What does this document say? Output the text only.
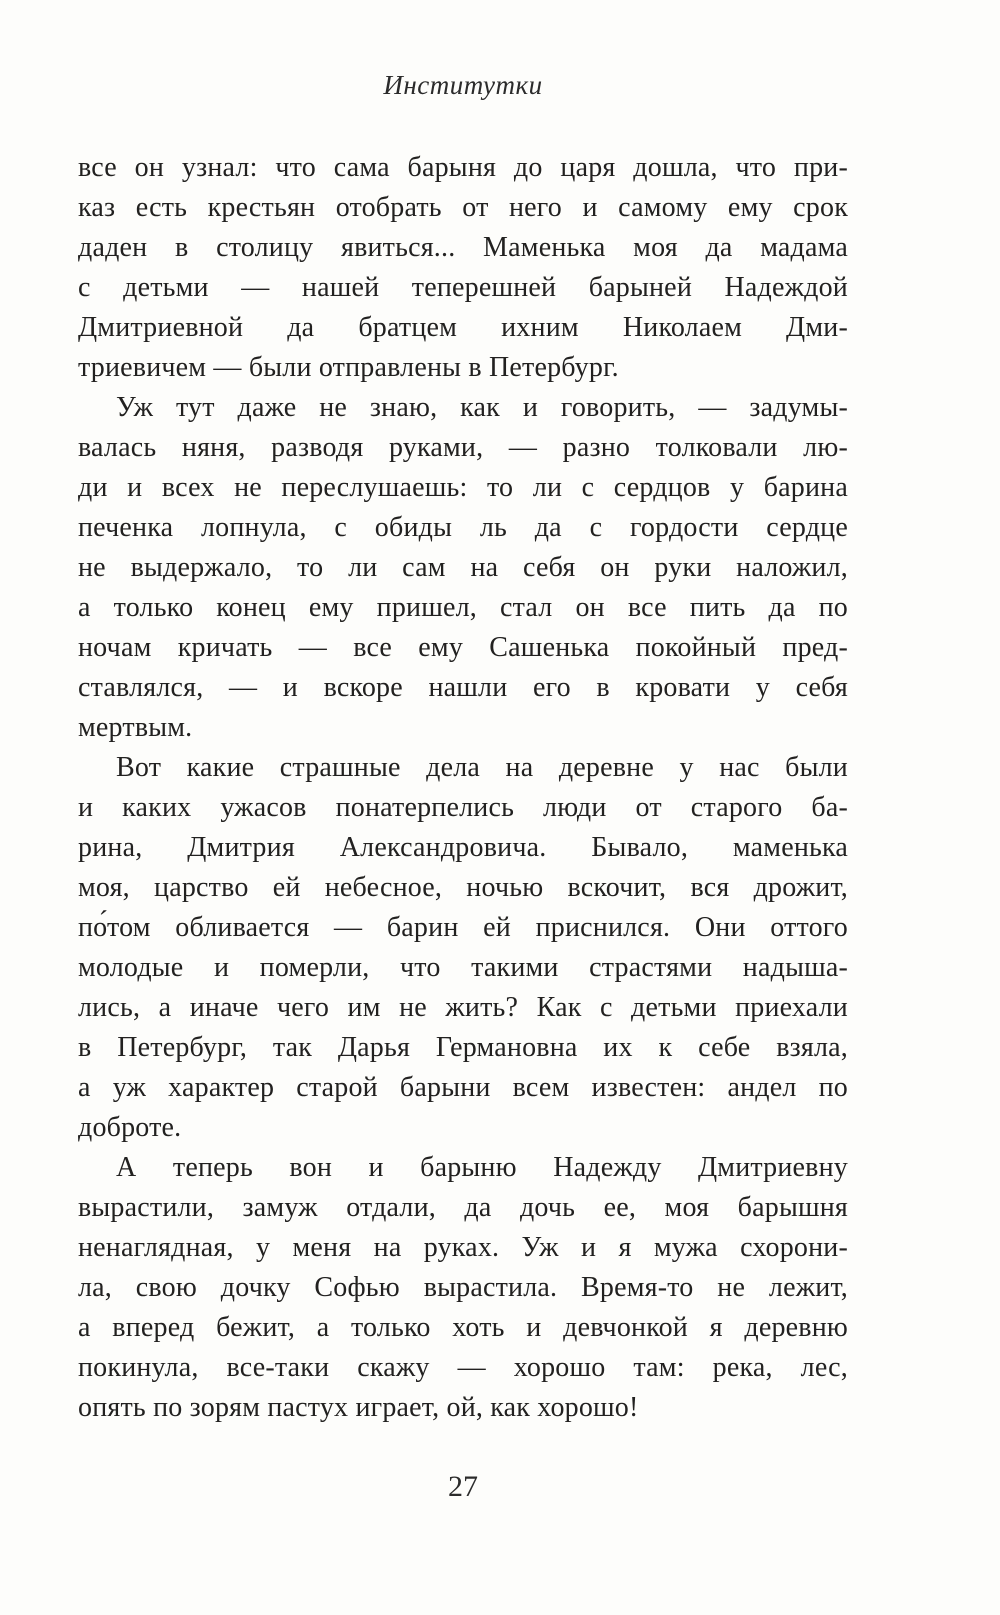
Институтки
все он узнал: что сама барыня до царя дошла, что при-
каз есть крестьян отобрать от него и самому ему срок
даден в столицу явиться... Маменька моя да мадама
с детьми — нашей теперешней барыней Надеждой
Дмитриевной да братцем ихним Николаем Дми-
триевичем — были отправлены в Петербург.
Уж тут даже не знаю, как и говорить, — задумы-
валась няня, разводя руками, — разно толковали лю-
ди и всех не переслушаешь: то ли с сердцов у барина
печенка лопнула, с обиды ль да с гордости сердце
не выдержало, то ли сам на себя он руки наложил,
а только конец ему пришел, стал он все пить да по
ночам кричать — все ему Сашенька покойный пред-
ставлялся, — и вскоре нашли его в кровати у себя
мертвым.
Вот какие страшные дела на деревне у нас были
и каких ужасов понатерпелись люди от старого ба-
рина, Дмитрия Александровича. Бывало, маменька
моя, царство ей небесное, ночью вскочит, вся дрожит,
по́том обливается — барин ей приснился. Они оттого
молодые и померли, что такими страстями надыша-
лись, а иначе чего им не жить? Как с детьми приехали
в Петербург, так Дарья Германовна их к себе взяла,
а уж характер старой барыни всем известен: андел по
доброте.
А теперь вон и барыню Надежду Дмитриевну
вырастили, замуж отдали, да дочь ее, моя барышня
ненаглядная, у меня на руках. Уж и я мужа схорони-
ла, свою дочку Софью вырастила. Время-то не лежит,
а вперед бежит, а только хоть и девчонкой я деревню
покинула, все-таки скажу — хорошо там: река, лес,
опять по зорям пастух играет, ой, как хорошо!
27
